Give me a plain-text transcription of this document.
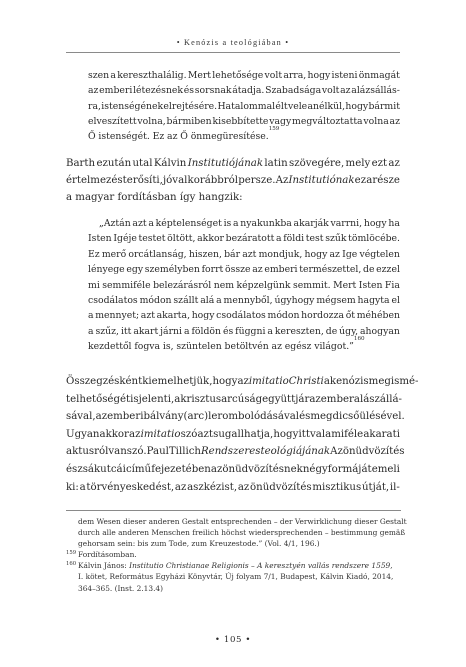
• Kenózis a teológiában •
szen a kereszthalálig. Mert lehetősége volt arra, hogy isteni önmagát
az emberi létezésnek és sorsnak átadja. Szabadsága volt az alázsállás-
ra, istenségének elrejtésére. Hatalommal élt vele anélkül, hogy bármit
elveszített volna, bármiben kisebbítette vagy megváltoztatta volna az
Ő istenségét. Ez az Ő önmegüresítése.
159
Barth ezután utal Kálvin Institutiójának latin szövegére, mely ezt az
értelmezést erősíti, jóval korábbról persze. Az Institutiónak ez a része
a magyar fordításban így hangzik:
„Aztán azt a képtelenséget is a nyakunkba akarják varrni, hogy ha
Isten Igéje testet öltött, akkor bezáratott a földi test szűk tömlöcébe.
Ez merő orcátlanság, hiszen, bár azt mondjuk, hogy az Ige végtelen
lényege egy személyben forrt össze az emberi természettel, de ezzel
mi semmiféle belezárásról nem képzelgünk semmit. Mert Isten Fia
csodálatos módon szállt alá a mennyből, úgyhogy mégsem hagyta el
a mennyet; azt akarta, hogy csodálatos módon hordozza őt méhében
a szűz, itt akart járni a földön és függni a kereszten, de úgy, ahogyan
kezdettől fogva is, szüntelen betöltvén az egész világot.”
160
Összegzésként kiemelhetjük, hogy az imitatio Christi a kenózis megismé-
telhetőségét is jelenti, a krisztusarcúság együttjár az ember alászállá-
sával, az emberi bálvány(arc) lerombolódásával és megdicsőülésével.
Ugyanakkor az imitatio szó azt sugallhatja, hogy itt valamiféle akarati
aktusról van szó. Paul Tillich Rendszeres teológiájának Az önüdvözítés
és zsákutcái című fejezetében az önüdvözítésnek négy formáját emeli
ki: a törvényeskedést, az aszkézist, az önüdvözítés misztikus útját, il-
dem Wesen dieser anderen Gestalt entsprechenden – der Verwirklichung dieser Gestalt
durch alle anderen Menschen freilich höchst wiedersprechenden – bestimmung gemäß
gehorsam sein: bis zum Tode, zum Kreuzestode.” (Vol. 4/1, 196.)
159 Fordításomban.
160 Kálvin János: Institutio Christianae Religionis – A keresztyén vallás rendszere 1559,
I. kötet, Református Egyházi Könyvtár, Új folyam 7/1, Budapest, Kálvin Kiadó, 2014,
364–365. (Inst. 2.13.4)
• 105 •
